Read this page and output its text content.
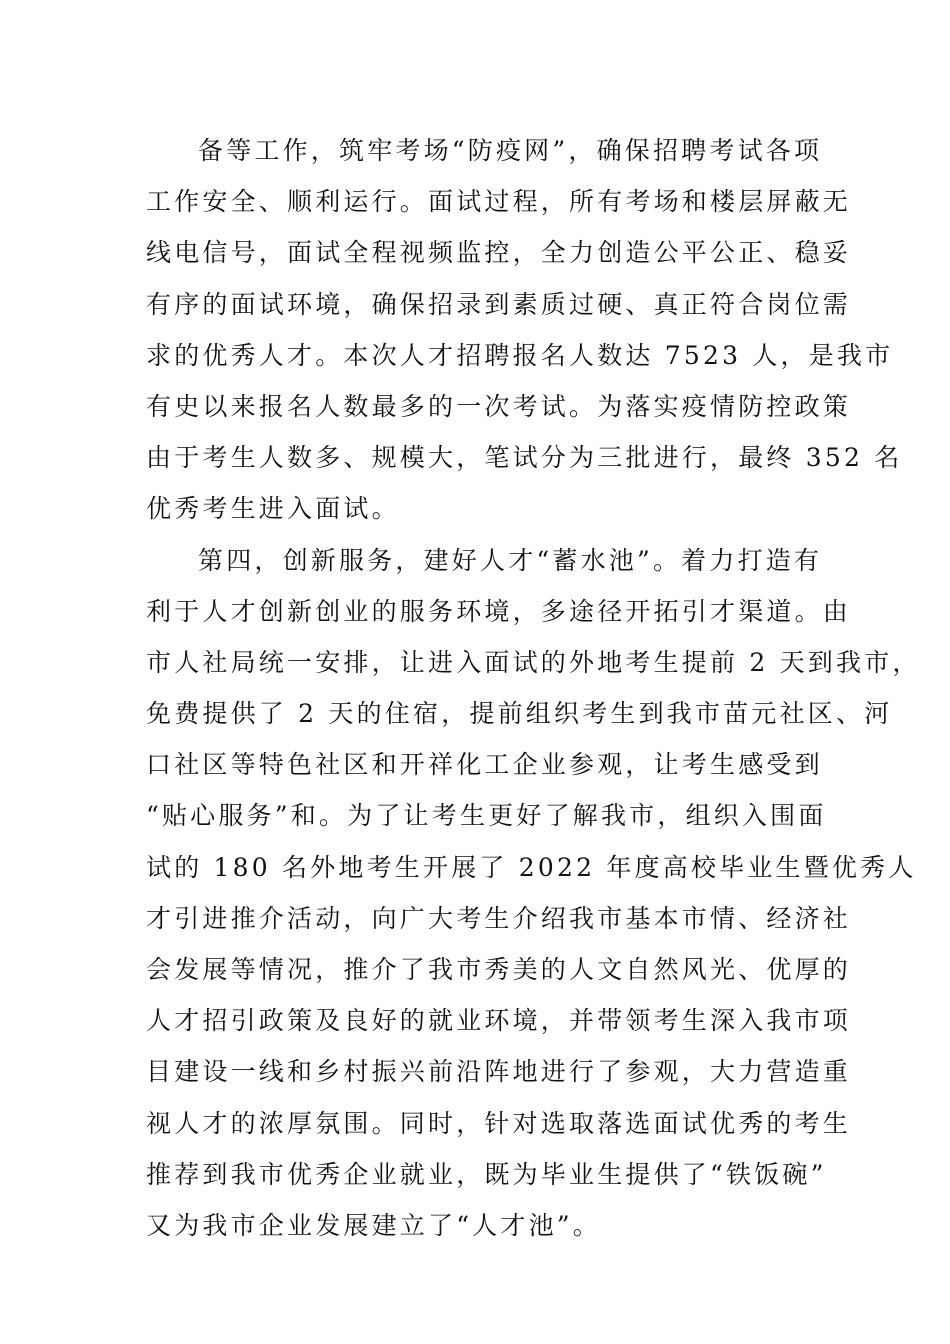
备等工作，筑牢考场“防疫网”，确保招聘考试各项
工作安全、顺利运行。面试过程，所有考场和楼层屏蔽无
线电信号，面试全程视频监控，全力创造公平公正、稳妥
有序的面试环境，确保招录到素质过硬、真正符合岗位需
求的优秀人才。本次人才招聘报名人数达 7523 人，是我市
有史以来报名人数最多的一次考试。为落实疫情防控政策
由于考生人数多、规模大，笔试分为三批进行，最终 352 名
优秀考生进入面试。
第四，创新服务，建好人才“蓄水池”。着力打造有
利于人才创新创业的服务环境，多途径开拓引才渠道。由
市人社局统一安排，让进入面试的外地考生提前 2 天到我市，
免费提供了 2 天的住宿，提前组织考生到我市苗元社区、河
口社区等特色社区和开祥化工企业参观，让考生感受到
“贴心服务”和。为了让考生更好了解我市，组织入围面
试的 180 名外地考生开展了 2022 年度高校毕业生暨优秀人
才引进推介活动，向广大考生介绍我市基本市情、经济社
会发展等情况，推介了我市秀美的人文自然风光、优厚的
人才招引政策及良好的就业环境，并带领考生深入我市项
目建设一线和乡村振兴前沿阵地进行了参观，大力营造重
视人才的浓厚氛围。同时，针对选取落选面试优秀的考生
推荐到我市优秀企业就业，既为毕业生提供了“铁饭碗”
又为我市企业发展建立了“人才池”。
